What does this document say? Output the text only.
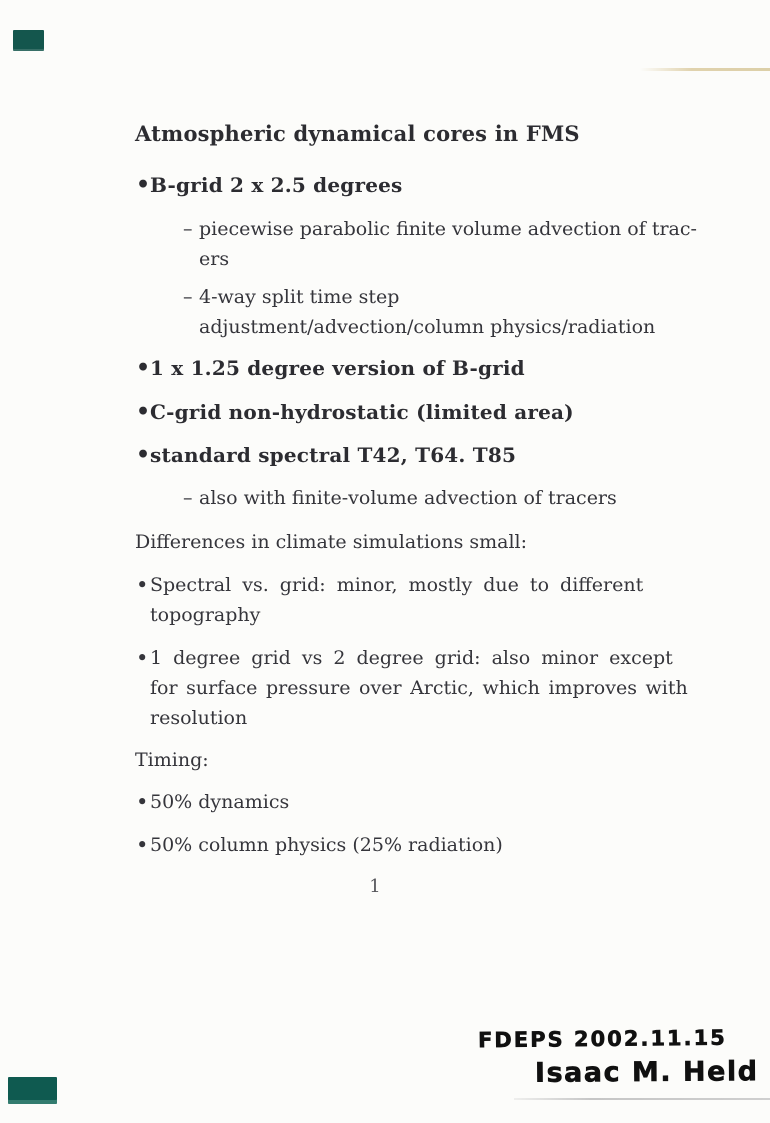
Atmospheric dynamical cores in FMS
• B-grid 2 x 2.5 degrees
– piecewise parabolic finite volume advection of trac-
ers
– 4-way split time step
adjustment/advection/column physics/radiation
• 1 x 1.25 degree version of B-grid
• C-grid non-hydrostatic (limited area)
• standard spectral T42, T64. T85
– also with finite-volume advection of tracers
Differences in climate simulations small:
• Spectral vs. grid: minor, mostly due to different
topography
• 1 degree grid vs 2 degree grid: also minor except
for surface pressure over Arctic, which improves with
resolution
Timing:
• 50% dynamics
• 50% column physics (25% radiation)
1
FDEPS 2002.11.15
Isaac M. Held
